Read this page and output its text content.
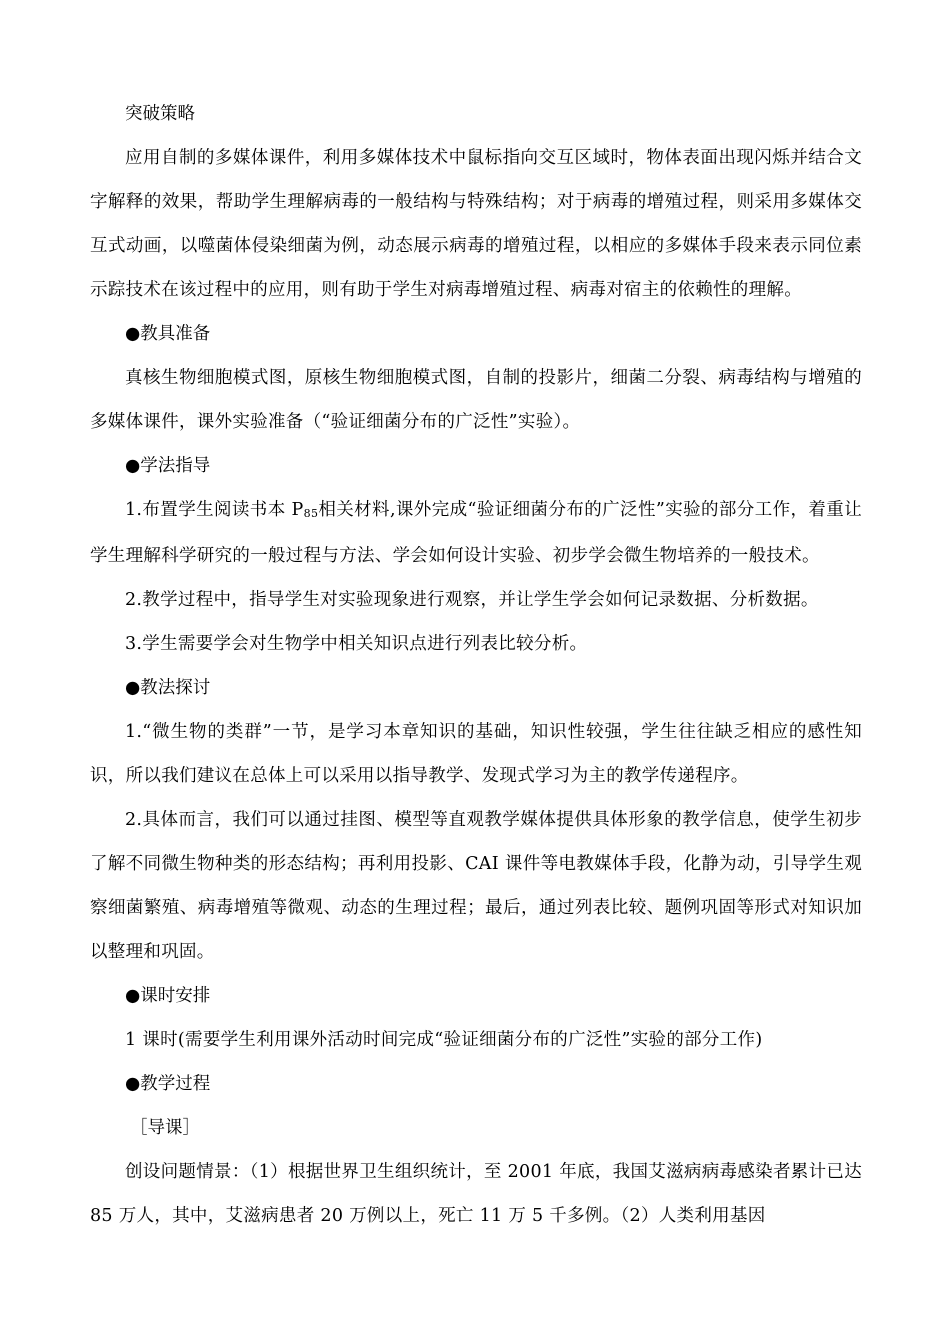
突破策略

应用自制的多媒体课件，利用多媒体技术中鼠标指向交互区域时，物体表面出现闪烁并结合文字解释的效果，帮助学生理解病毒的一般结构与特殊结构；对于病毒的增殖过程，则采用多媒体交互式动画，以噬菌体侵染细菌为例，动态展示病毒的增殖过程，以相应的多媒体手段来表示同位素示踪技术在该过程中的应用，则有助于学生对病毒增殖过程、病毒对宿主的依赖性的理解。

●教具准备

真核生物细胞模式图，原核生物细胞模式图，自制的投影片，细菌二分裂、病毒结构与增殖的多媒体课件，课外实验准备（“验证细菌分布的广泛性”实验）。

●学法指导

1.布置学生阅读书本 $P_{85}$相关材料,课外完成“验证细菌分布的广泛性”实验的部分工作，着重让学生理解科学研究的一般过程与方法、学会如何设计实验、初步学会微生物培养的一般技术。

2.教学过程中，指导学生对实验现象进行观察，并让学生学会如何记录数据、分析数据。

3.学生需要学会对生物学中相关知识点进行列表比较分析。

●教法探讨

1.“微生物的类群”一节，是学习本章知识的基础，知识性较强，学生往往缺乏相应的感性知识，所以我们建议在总体上可以采用以指导教学、发现式学习为主的教学传递程序。

2.具体而言，我们可以通过挂图、模型等直观教学媒体提供具体形象的教学信息，使学生初步了解不同微生物种类的形态结构；再利用投影、CAI 课件等电教媒体手段，化静为动，引导学生观察细菌繁殖、病毒增殖等微观、动态的生理过程；最后，通过列表比较、题例巩固等形式对知识加以整理和巩固。

●课时安排

1 课时(需要学生利用课外活动时间完成“验证细菌分布的广泛性”实验的部分工作)

●教学过程

［导课］

创设问题情景：（1）根据世界卫生组织统计，至 2001 年底，我国艾滋病病毒感染者累计已达 85 万人，其中，艾滋病患者 20 万例以上，死亡 11 万 5 千多例。（2）人类利用基因
